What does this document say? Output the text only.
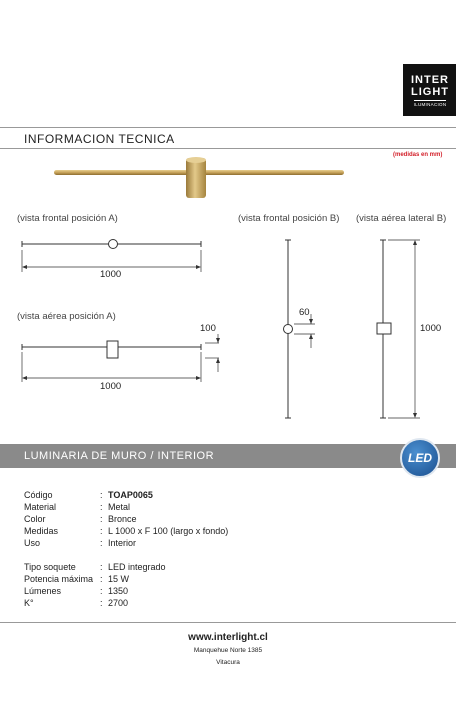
INTER
LIGHT
ILUMINACION
INFORMACION TECNICA
(medidas en mm)
(vista frontal posición A)	(vista frontal posición B) (vista aérea lateral B)
(vista aérea posición A)
1000
100
1000
60
1000
LUMINARIA DE MURO / INTERIOR	LED
Código	: TOAP0065
Material	: Metal
Color	: Bronce
Medidas	: L 1000 x F 100 (largo x fondo)
Uso	: Interior
Tipo soquete	: LED integrado
Potencia máxima : 15 W
Lúmenes	: 1350
K°	: 2700
www.interlight.cl
Manquehue Norte 1385
Vitacura
